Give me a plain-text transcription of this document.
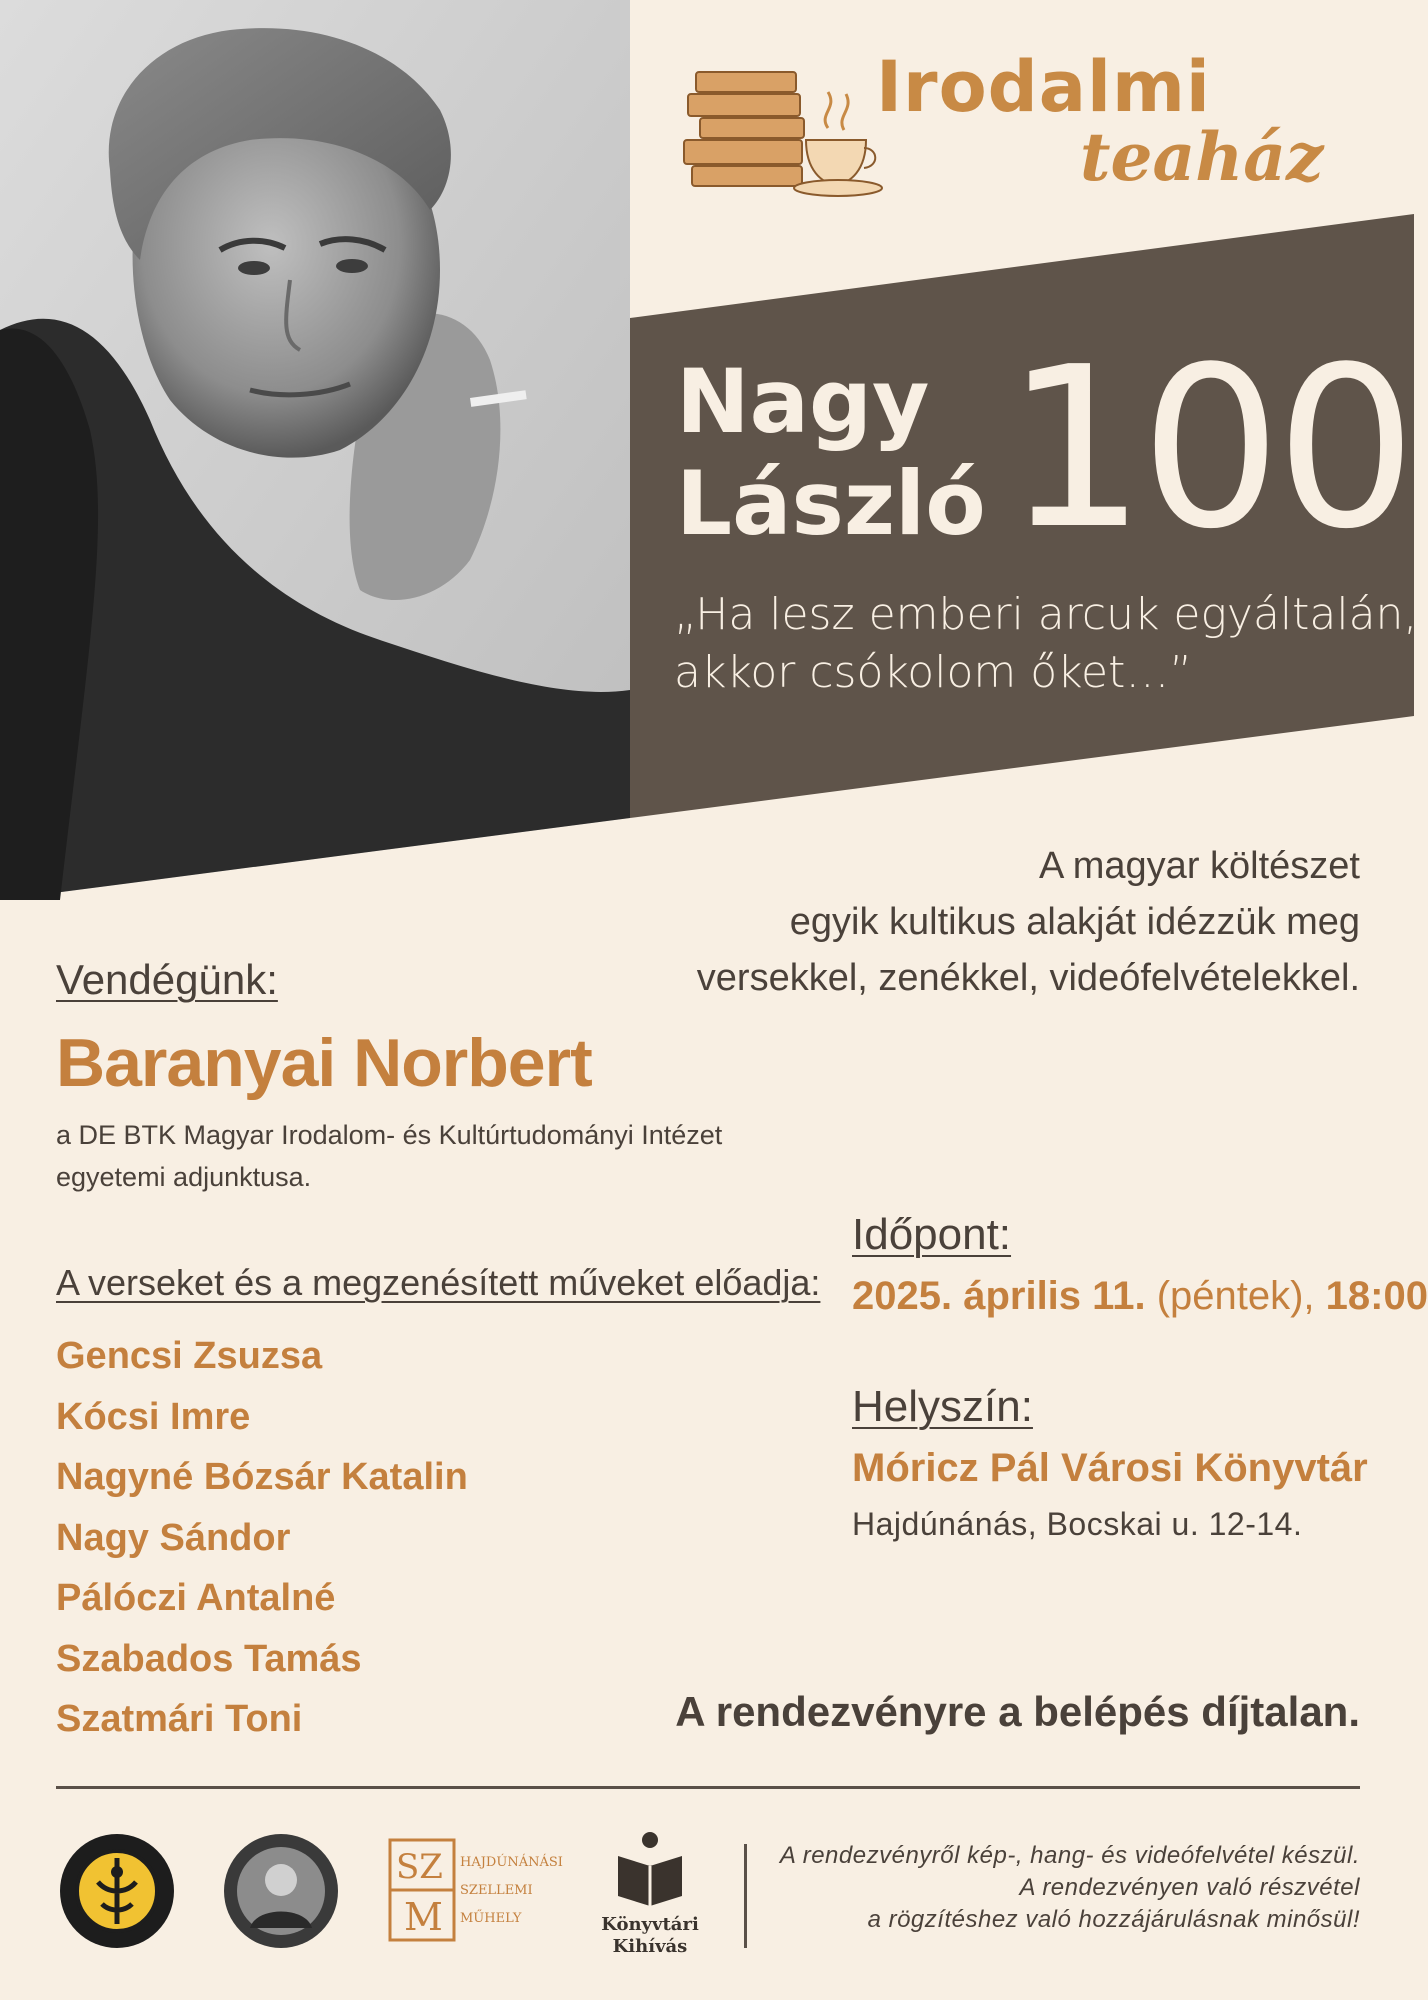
Irodalmi
teaház
Nagy
László 100
„Ha lesz emberi arcuk egyáltalán,
akkor csókolom őket…”
A magyar költészet
egyik kultikus alakját idézzük meg
versekkel, zenékkel, videófelvételekkel.
Vendégünk:
Baranyai Norbert
a DE BTK Magyar Irodalom- és Kultúrtudományi Intézet
egyetemi adjunktusa.
A verseket és a megzenésített műveket előadja:
Gencsi Zsuzsa
Kócsi Imre
Nagyné Bózsár Katalin
Nagy Sándor
Pálóczi Antalné
Szabados Tamás
Szatmári Toni
Időpont:
2025. április 11. (péntek), 18:00
Helyszín:
Móricz Pál Városi Könyvtár
Hajdúnánás, Bocskai u. 12-14.
A rendezvényre a belépés díjtalan.
SZ
M
HAJDÚNÁNÁSI
SZELLEMI
MŰHELY	Könyvtári
Kihívás
A rendezvényről kép-, hang- és videófelvétel készül.
A rendezvényen való részvétel
a rögzítéshez való hozzájárulásnak minősül!
